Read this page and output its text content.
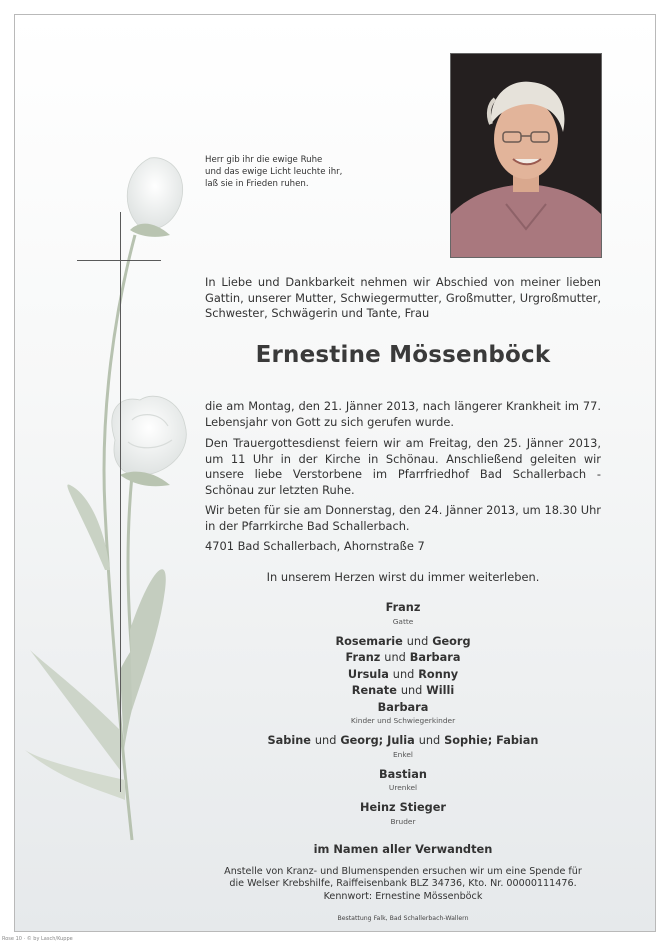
Herr gib ihr die ewige Ruhe
und das ewige Licht leuchte ihr,
laß sie in Frieden ruhen.
In Liebe und Dankbarkeit nehmen wir Abschied von meiner lieben Gattin, unserer Mutter, Schwiegermutter, Großmutter, Urgroßmutter, Schwester, Schwägerin und Tante, Frau
Ernestine Mössenböck
die am Montag, den 21. Jänner 2013, nach längerer Krankheit im 77. Lebensjahr von Gott zu sich gerufen wurde.
Den Trauergottesdienst feiern wir am Freitag, den 25. Jänner 2013, um 11 Uhr in der Kirche in Schönau. Anschließend geleiten wir unsere liebe Verstorbene im Pfarrfriedhof Bad Schallerbach - Schönau zur letzten Ruhe.
Wir beten für sie am Donnerstag, den 24. Jänner 2013, um 18.30 Uhr in der Pfarrkirche Bad Schallerbach.
4701 Bad Schallerbach, Ahornstraße 7
In unserem Herzen wirst du immer weiterleben.
Franz
Gatte
Rosemarie und Georg
Franz und Barbara
Ursula und Ronny
Renate und Willi
Barbara
Kinder und Schwiegerkinder
Sabine und Georg; Julia und Sophie; Fabian
Enkel
Bastian
Urenkel
Heinz Stieger
Bruder
im Namen aller Verwandten
Anstelle von Kranz- und Blumenspenden ersuchen wir um eine Spende für
die Welser Krebshilfe, Raiffeisenbank BLZ 34736, Kto. Nr. 00000111476.
Kennwort: Ernestine Mössenböck
Bestattung Falk, Bad Schallerbach-Wallern
Rose 10 · © by Lasch/Kuppe
